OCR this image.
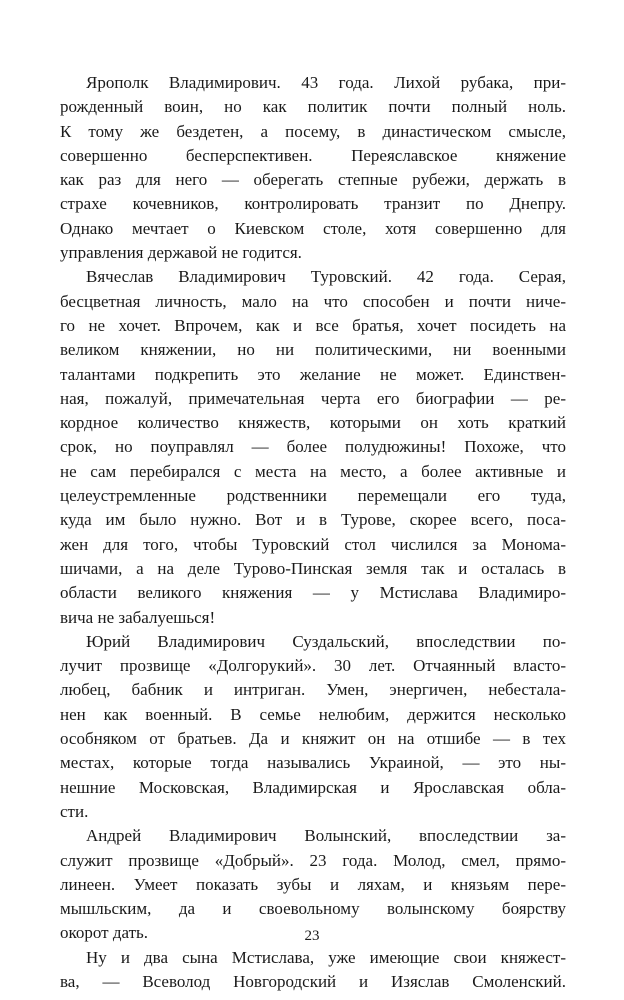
Ярополк Владимирович. 43 года. Лихой рубака, при-
рожденный воин, но как политик почти полный ноль.
К тому же бездетен, а посему, в династическом смысле,
совершенно бесперспективен. Переяславское княжение
как раз для него — оберегать степные рубежи, держать в
страхе кочевников, контролировать транзит по Днепру.
Однако мечтает о Киевском столе, хотя совершенно для
управления державой не годится.

Вячеслав Владимирович Туровский. 42 года. Серая,
бесцветная личность, мало на что способен и почти ниче-
го не хочет. Впрочем, как и все братья, хочет посидеть на
великом княжении, но ни политическими, ни военными
талантами подкрепить это желание не может. Единствен-
ная, пожалуй, примечательная черта его биографии — ре-
кордное количество княжеств, которыми он хоть краткий
срок, но поуправлял — более полудюжины! Похоже, что
не сам перебирался с места на место, а более активные и
целеустремленные родственники перемещали его туда,
куда им было нужно. Вот и в Турове, скорее всего, поса-
жен для того, чтобы Туровский стол числился за Монома-
шичами, а на деле Турово-Пинская земля так и осталась в
области великого княжения — у Мстислава Владимиро-
вича не забалуешься!

Юрий Владимирович Суздальский, впоследствии по-
лучит прозвище «Долгорукий». 30 лет. Отчаянный власто-
любец, бабник и интриган. Умен, энергичен, небестала-
нен как военный. В семье нелюбим, держится несколько
особняком от братьев. Да и княжит он на отшибе — в тех
местах, которые тогда назывались Украиной, — это ны-
нешние Московская, Владимирская и Ярославская обла-
сти.

Андрей Владимирович Волынский, впоследствии за-
служит прозвище «Добрый». 23 года. Молод, смел, прямо-
линеен. Умеет показать зубы и ляхам, и князьям пере-
мышльским, да и своевольному волынскому боярству
окорот дать.

Ну и два сына Мстислава, уже имеющие свои княжест-
ва, — Всеволод Новгородский и Изяслав Смоленский.

23
